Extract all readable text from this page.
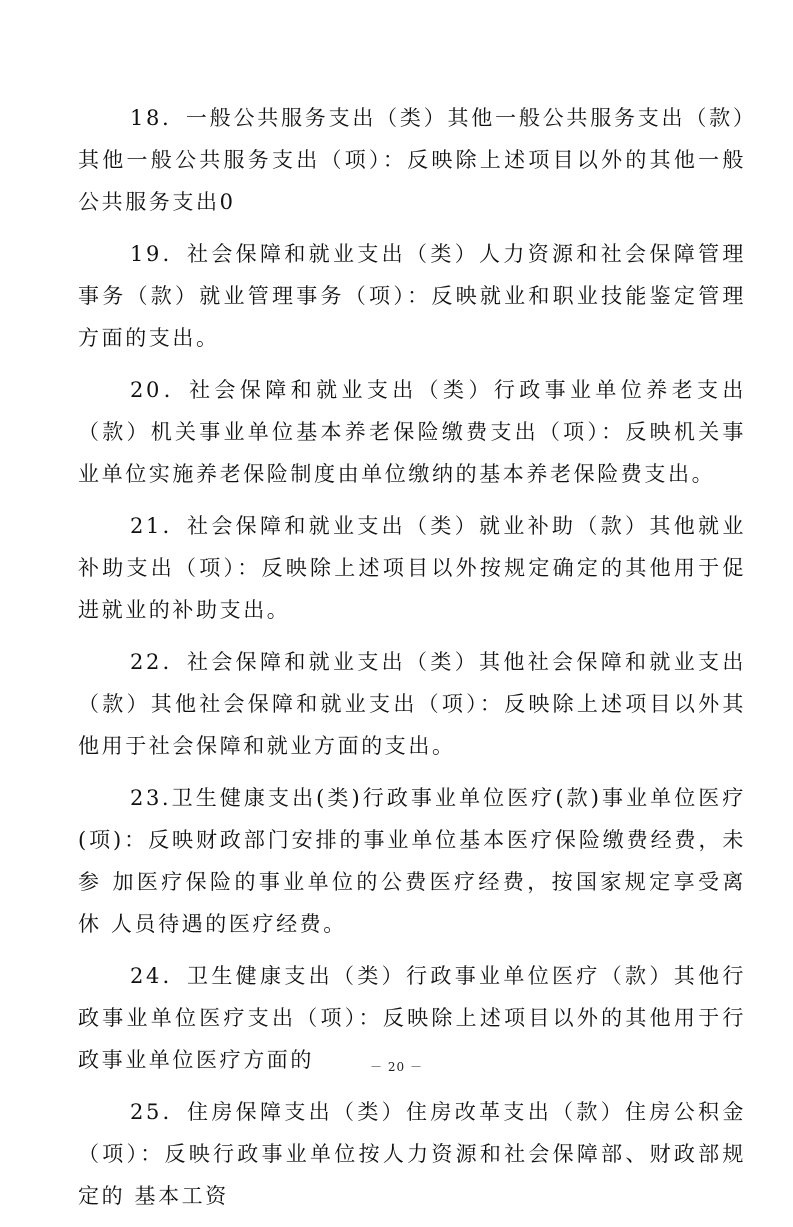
18．一般公共服务支出（类）其他一般公共服务支出（款）其他一般公共服务支出（项）：反映除上述项目以外的其他一般公共服务支出0

19．社会保障和就业支出（类）人力资源和社会保障管理事务（款）就业管理事务（项）：反映就业和职业技能鉴定管理方面的支出。

20．社会保障和就业支出（类）行政事业单位养老支出（款）机关事业单位基本养老保险缴费支出（项）：反映机关事业单位实施养老保险制度由单位缴纳的基本养老保险费支出。

21．社会保障和就业支出（类）就业补助（款）其他就业补助支出（项）：反映除上述项目以外按规定确定的其他用于促进就业的补助支出。

22．社会保障和就业支出（类）其他社会保障和就业支出（款）其他社会保障和就业支出（项）：反映除上述项目以外其他用于社会保障和就业方面的支出。

23.卫生健康支出(类)行政事业单位医疗(款)事业单位医疗(项)：反映财政部门安排的事业单位基本医疗保险缴费经费，未参 加医疗保险的事业单位的公费医疗经费，按国家规定享受离休 人员待遇的医疗经费。

24．卫生健康支出（类）行政事业单位医疗（款）其他行政事业单位医疗支出（项）：反映除上述项目以外的其他用于行政事业单位医疗方面的

25．住房保障支出（类）住房改革支出（款）住房公积金（项）：反映行政事业单位按人力资源和社会保障部、财政部规定的 基本工资

－ 20 －
